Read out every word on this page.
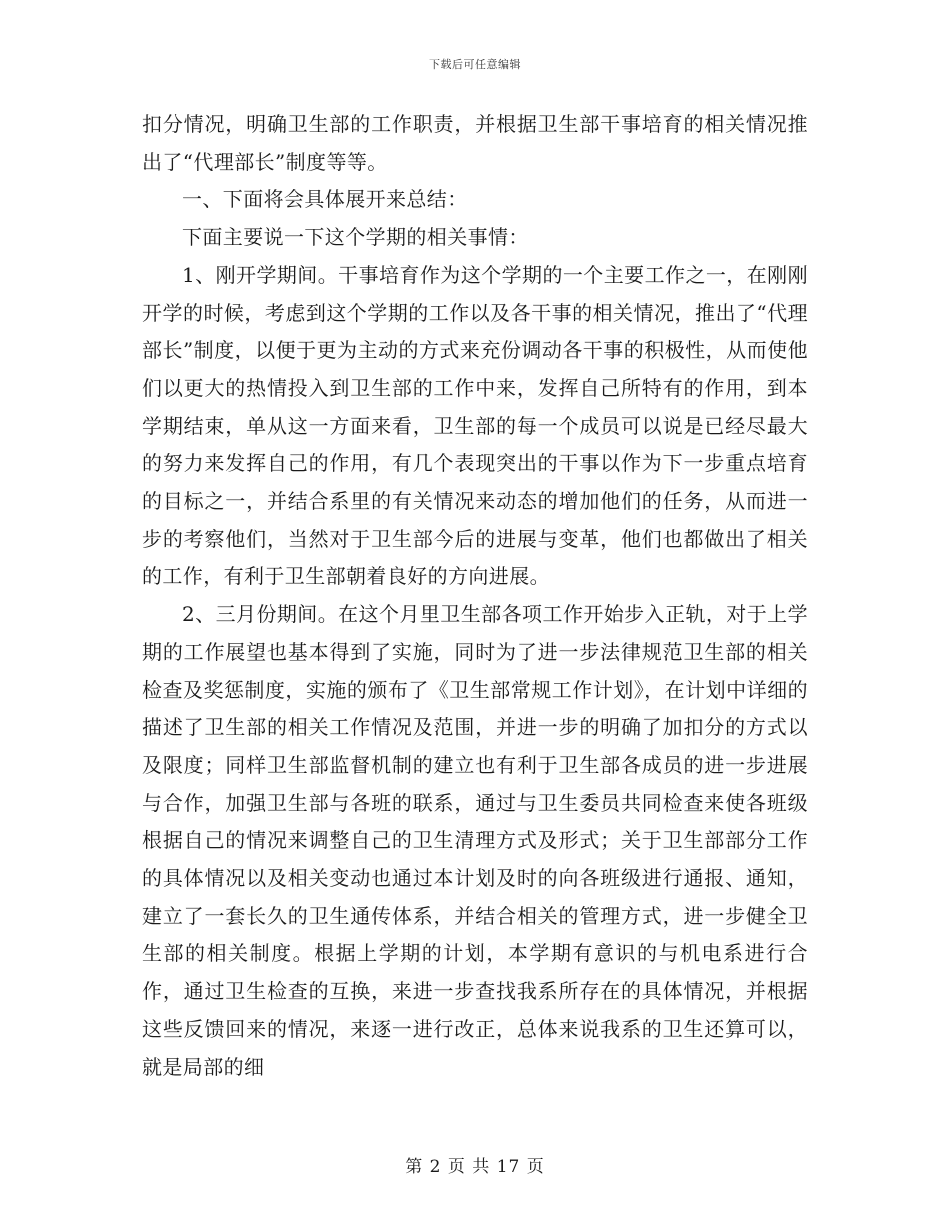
下载后可任意编辑

扣分情况，明确卫生部的工作职责，并根据卫生部干事培育的相关情况推出了“代理部长”制度等等。

一、下面将会具体展开来总结：

下面主要说一下这个学期的相关事情：

1、刚开学期间。干事培育作为这个学期的一个主要工作之一，在刚刚开学的时候，考虑到这个学期的工作以及各干事的相关情况，推出了“代理部长”制度，以便于更为主动的方式来充份调动各干事的积极性，从而使他们以更大的热情投入到卫生部的工作中来，发挥自己所特有的作用，到本学期结束，单从这一方面来看，卫生部的每一个成员可以说是已经尽最大的努力来发挥自己的作用，有几个表现突出的干事以作为下一步重点培育的目标之一，并结合系里的有关情况来动态的增加他们的任务，从而进一步的考察他们，当然对于卫生部今后的进展与变革，他们也都做出了相关的工作，有利于卫生部朝着良好的方向进展。

2、三月份期间。在这个月里卫生部各项工作开始步入正轨，对于上学期的工作展望也基本得到了实施，同时为了进一步法律规范卫生部的相关检查及奖惩制度，实施的颁布了《卫生部常规工作计划》，在计划中详细的描述了卫生部的相关工作情况及范围，并进一步的明确了加扣分的方式以及限度；同样卫生部监督机制的建立也有利于卫生部各成员的进一步进展与合作，加强卫生部与各班的联系，通过与卫生委员共同检查来使各班级根据自己的情况来调整自己的卫生清理方式及形式；关于卫生部部分工作的具体情况以及相关变动也通过本计划及时的向各班级进行通报、通知，建立了一套长久的卫生通传体系，并结合相关的管理方式，进一步健全卫生部的相关制度。根据上学期的计划，本学期有意识的与机电系进行合作，通过卫生检查的互换，来进一步查找我系所存在的具体情况，并根据这些反馈回来的情况，来逐一进行改正，总体来说我系的卫生还算可以，就是局部的细

第 2 页 共 17 页
